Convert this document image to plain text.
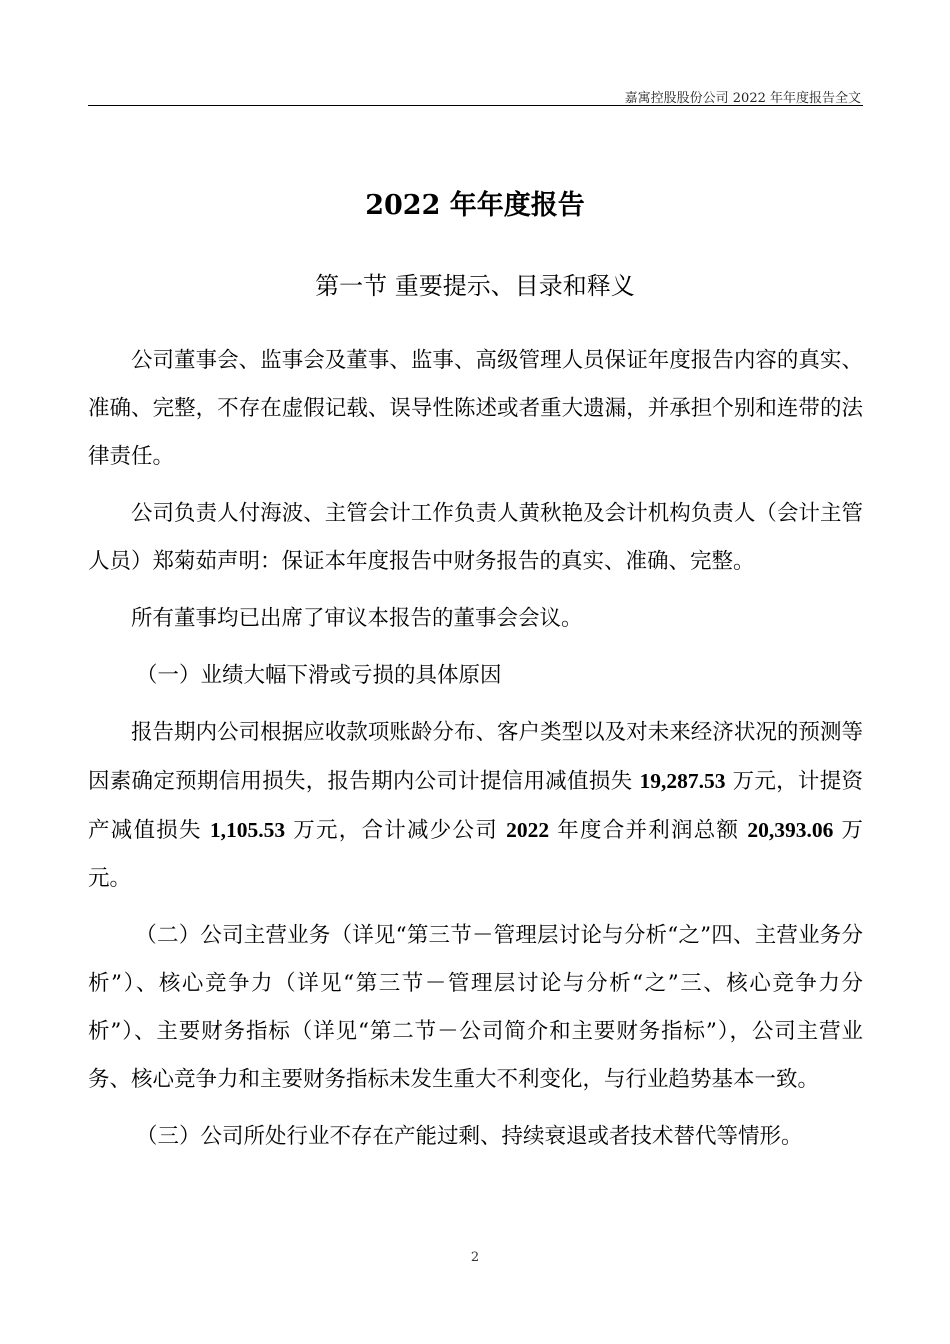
嘉寓控股股份公司 2022 年年度报告全文
2022 年年度报告
第一节 重要提示、目录和释义

公司董事会、监事会及董事、监事、高级管理人员保证年度报告内容的真实、准确、完整，不存在虚假记载、误导性陈述或者重大遗漏，并承担个别和连带的法律责任。

公司负责人付海波、主管会计工作负责人黄秋艳及会计机构负责人（会计主管人员）郑菊茹声明：保证本年度报告中财务报告的真实、准确、完整。

所有董事均已出席了审议本报告的董事会会议。

（一）业绩大幅下滑或亏损的具体原因

报告期内公司根据应收款项账龄分布、客户类型以及对未来经济状况的预测等因素确定预期信用损失，报告期内公司计提信用减值损失 19,287.53 万元，计提资产减值损失 1,105.53 万元，合计减少公司 2022 年度合并利润总额 20,393.06 万元。

（二）公司主营业务（详见“第三节－管理层讨论与分析“之”四、主营业务分析”）、核心竞争力（详见“第三节－管理层讨论与分析“之”三、核心竞争力分析”）、主要财务指标（详见“第二节－公司简介和主要财务指标”），公司主营业务、核心竞争力和主要财务指标未发生重大不利变化，与行业趋势基本一致。

（三）公司所处行业不存在产能过剩、持续衰退或者技术替代等情形。

2
